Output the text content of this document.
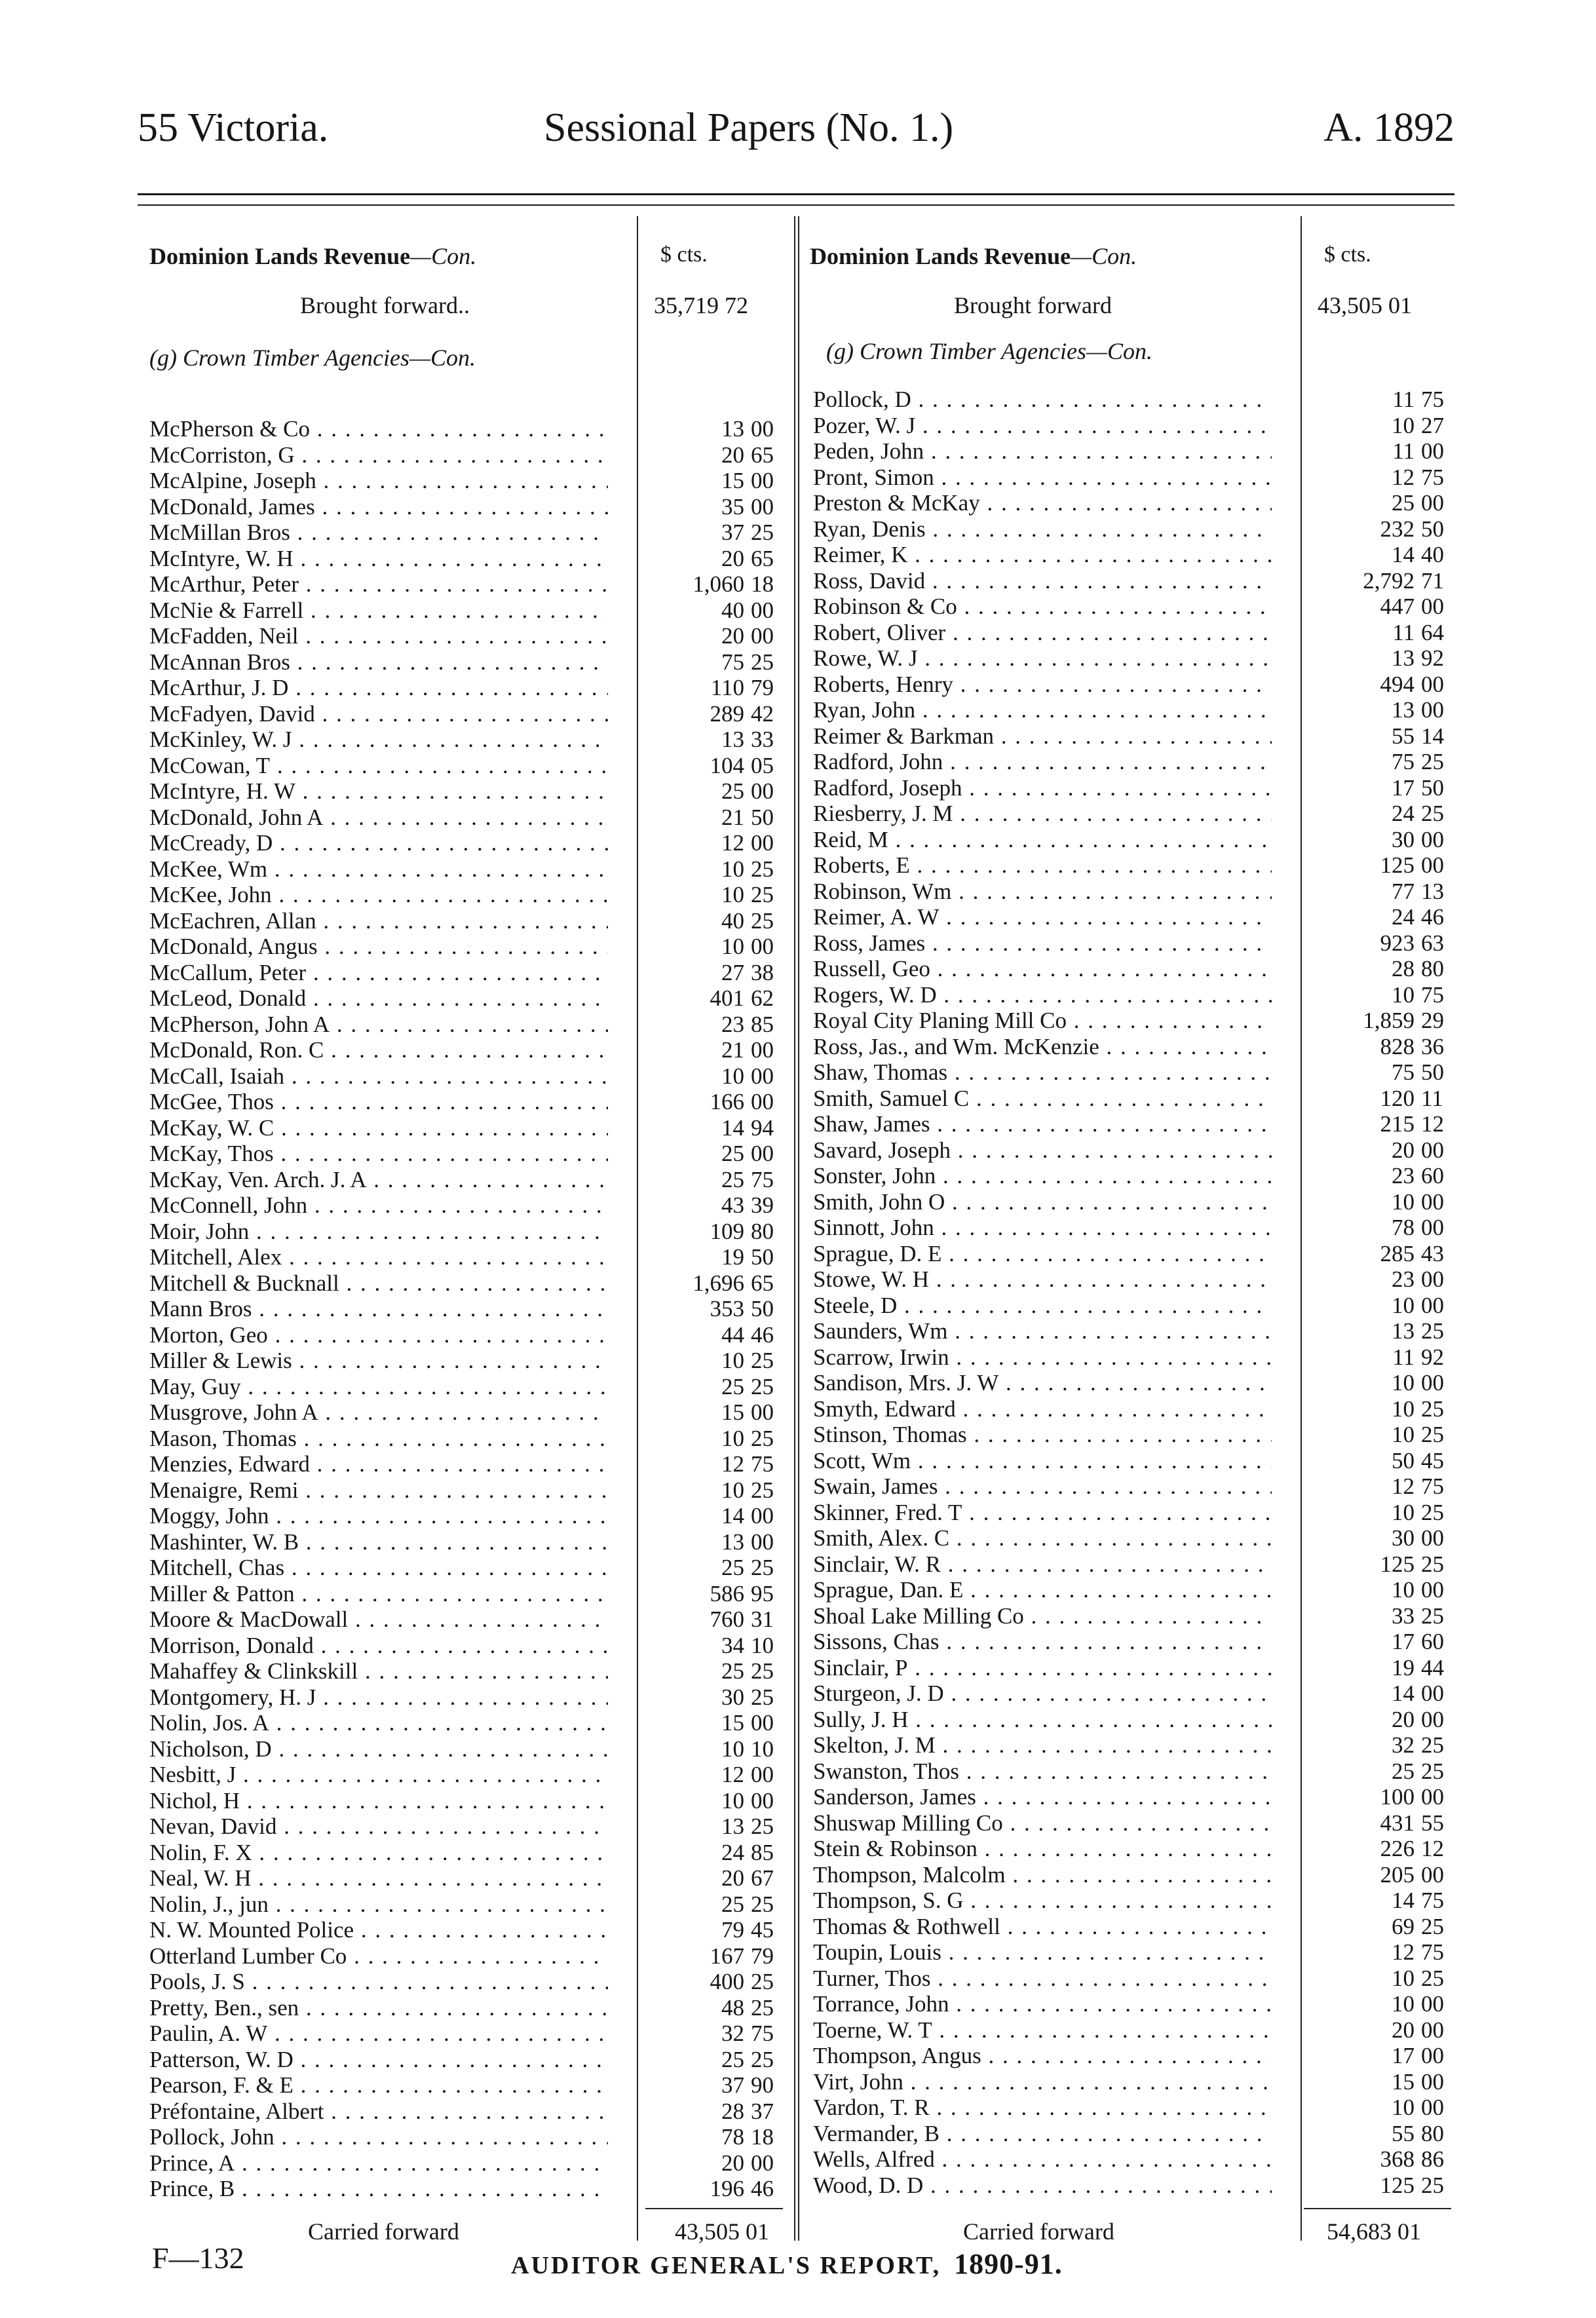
55 Victoria.	Sessional Papers (No. 1.)	A. 1892
Dominion Lands Revenue—Con.	$ cts.
Brought forward..	35,719 72
(g) Crown Timber Agencies—Con.
McPherson & Co . . .	13 00
McCorriston, G . . .	20 65
McAlpine, Joseph . . .	15 00
McDonald, James . . .	35 00
McMillan Bros . . .	37 25
McIntyre, W. H . . .	20 65
McArthur, Peter . . .	1,060 18
McNie & Farrell . . .	40 00
McFadden, Neil . . .	20 00
McAnnan Bros . . .	75 25
McArthur, J. D . . .	110 79
McFadyen, David . . .	289 42
McKinley, W. J . . .	13 33
McCowan, T . . .	104 05
McIntyre, H. W . . .	25 00
McDonald, John A . . .	21 50
McCready, D . . .	12 00
McKee, Wm . . .	10 25
McKee, John . . .	10 25
McEachren, Allan . . .	40 25
McDonald, Angus . . .	10 00
McCallum, Peter . . .	27 38
McLeod, Donald . . .	401 62
McPherson, John A . . .	23 85
McDonald, Ron. C . . .	21 00
McCall, Isaiah . . .	10 00
McGee, Thos . . .	166 00
McKay, W. C . . .	14 94
McKay, Thos . . .	25 00
McKay, Ven. Arch. J. A . . .	25 75
McConnell, John . . .	43 39
Moir, John . . .	109 80
Mitchell, Alex . . .	19 50
Mitchell & Bucknall . . .	1,696 65
Mann Bros . . .	353 50
Morton, Geo . . .	44 46
Miller & Lewis . . .	10 25
May, Guy . . .	25 25
Musgrove, John A . . .	15 00
Mason, Thomas . . .	10 25
Menzies, Edward . . .	12 75
Menaigre, Remi . . .	10 25
Moggy, John . . .	14 00
Mashinter, W. B . . .	13 00
Mitchell, Chas . . .	25 25
Miller & Patton . . .	586 95
Moore & MacDowall . . .	760 31
Morrison, Donald . . .	34 10
Mahaffey & Clinkskill . . .	25 25
Montgomery, H. J . . .	30 25
Nolin, Jos. A . . .	15 00
Nicholson, D . . .	10 10
Nesbitt, J . . .	12 00
Nichol, H . . .	10 00
Nevan, David . . .	13 25
Nolin, F. X . . .	24 85
Neal, W. H . . .	20 67
Nolin, J., jun . . .	25 25
N. W. Mounted Police . . .	79 45
Otterland Lumber Co . . .	167 79
Pools, J. S . . .	400 25
Pretty, Ben., sen . . .	48 25
Paulin, A. W . . .	32 75
Patterson, W. D . . .	25 25
Pearson, F. & E . . .	37 90
Préfontaine, Albert . . .	28 37
Pollock, John . . .	78 18
Prince, A . . .	20 00
Prince, B . . .	196 46
Dominion Lands Revenue—Con.	$ cts.
Brought forward	43,505 01
(g) Crown Timber Agencies—Con.
Pollock, D . . .	11 75
Pozer, W. J . . .	10 27
Peden, John . . .	11 00
Pront, Simon . . .	12 75
Preston & McKay . . .	25 00
Ryan, Denis . . .	232 50
Reimer, K . . .	14 40
Ross, David . . .	2,792 71
Robinson & Co . . .	447 00
Robert, Oliver . . .	11 64
Rowe, W. J . . .	13 92
Roberts, Henry . . .	494 00
Ryan, John . . .	13 00
Reimer & Barkman . . .	55 14
Radford, John . . .	75 25
Radford, Joseph . . .	17 50
Riesberry, J. M . . .	24 25
Reid, M . . .	30 00
Roberts, E . . .	125 00
Robinson, Wm . . .	77 13
Reimer, A. W . . .	24 46
Ross, James . . .	923 63
Russell, Geo . . .	28 80
Rogers, W. D . . .	10 75
Royal City Planing Mill Co . . .	1,859 29
Ross, Jas., and Wm. McKenzie . . .	828 36
Shaw, Thomas . . .	75 50
Smith, Samuel C . . .	120 11
Shaw, James . . .	215 12
Savard, Joseph . . .	20 00
Sonster, John . . .	23 60
Smith, John O . . .	10 00
Sinnott, John . . .	78 00
Sprague, D. E . . .	285 43
Stowe, W. H . . .	23 00
Steele, D . . .	10 00
Saunders, Wm . . .	13 25
Scarrow, Irwin . . .	11 92
Sandison, Mrs. J. W . . .	10 00
Smyth, Edward . . .	10 25
Stinson, Thomas . . .	10 25
Scott, Wm . . .	50 45
Swain, James . . .	12 75
Skinner, Fred. T . . .	10 25
Smith, Alex. C . . .	30 00
Sinclair, W. R . . .	125 25
Sprague, Dan. E . . .	10 00
Shoal Lake Milling Co . . .	33 25
Sissons, Chas . . .	17 60
Sinclair, P . . .	19 44
Sturgeon, J. D . . .	14 00
Sully, J. H . . .	20 00
Skelton, J. M . . .	32 25
Swanston, Thos . . .	25 25
Sanderson, James . . .	100 00
Shuswap Milling Co . . .	431 55
Stein & Robinson . . .	226 12
Thompson, Malcolm . . .	205 00
Thompson, S. G . . .	14 75
Thomas & Rothwell . . .	69 25
Toupin, Louis . . .	12 75
Turner, Thos . . .	10 25
Torrance, John . . .	10 00
Toerne, W. T . . .	20 00
Thompson, Angus . . .	17 00
Virt, John . . .	15 00
Vardon, T. R . . .	10 00
Vermander, B . . .	55 80
Wells, Alfred . . .	368 86
Wood, D. D . . .	125 25
Carried forward	43,505 01	Carried forward	54,683 01
F—132	AUDITOR GENERAL'S REPORT, 1890-91.
